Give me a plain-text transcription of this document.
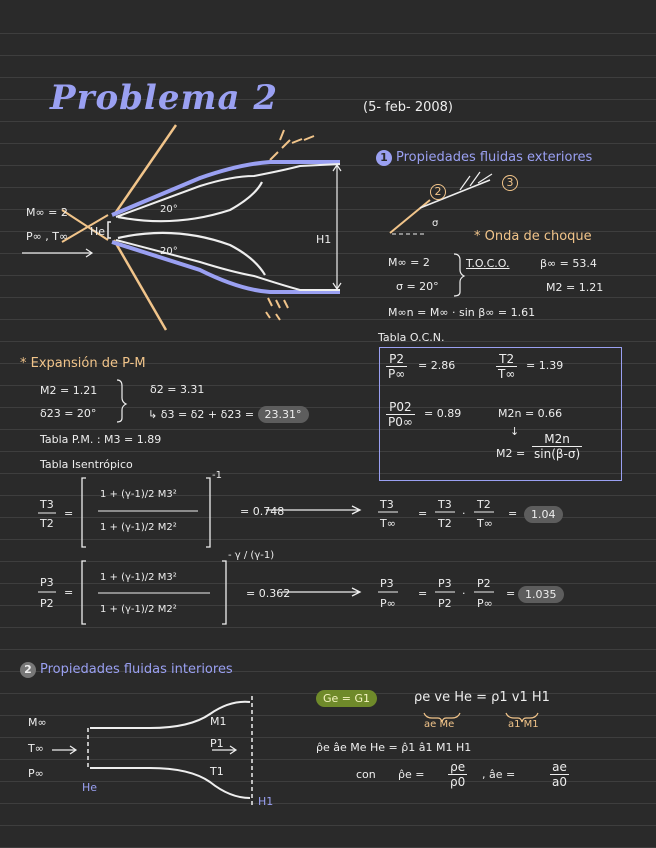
Problema 2	(5- feb- 2008)
1 Propiedades fluidas exteriores
M∞ = 2
P∞ , T∞ He
H1
20°
20°
2
3
σ
* Onda de choque
M∞ = 2
σ = 20°
T.O.C.O.	β∞ = 53.4
M2 = 1.21
M∞n = M∞ · sin β∞ = 1.61
Tabla O.C.N.
$\frac{P2}{P\infty} = 2.86$	$\frac{T2}{T\infty} = 1.39$
$\frac{P02}{P0\infty} = 0.89$	M2n = 0.66
↓
$M2 = \frac{M2n}{\sin(\beta-\sigma)}$
* Expansión de P-M
M2 = 1.21
δ23 = 20°
δ2 = 3.31
↳ δ3 = δ2 + δ23 = 23.31°
Tabla P.M. : M3 = 1.89
Tabla Isentrópico
T3
T2
=
1 + (γ-1)/2 M3²
1 + (γ-1)/2 M2²
-1
= 0.748
T3
T∞
=
T3
T2
·
T2
T∞
=	1.04
P3
P2
=
1 + (γ-1)/2 M3²
1 + (γ-1)/2 M2²
- γ / (γ-1)
= 0.362
P3
P∞
=
P3
P2
·
P2
P∞
= 1.035
2 Propiedades fluidas interiores
M∞
T∞
P∞
He
M1
P1
T1
H1
Ge = G1	ρe ve He = ρ1 v1 H1
ae Me	a1 M1
ρ̂e âe Me He = ρ̂1 â1 M1 H1
con ρ̂e = $\frac{\rho e}{\rho 0}$ , âe =	$\frac{ae}{a0}$
